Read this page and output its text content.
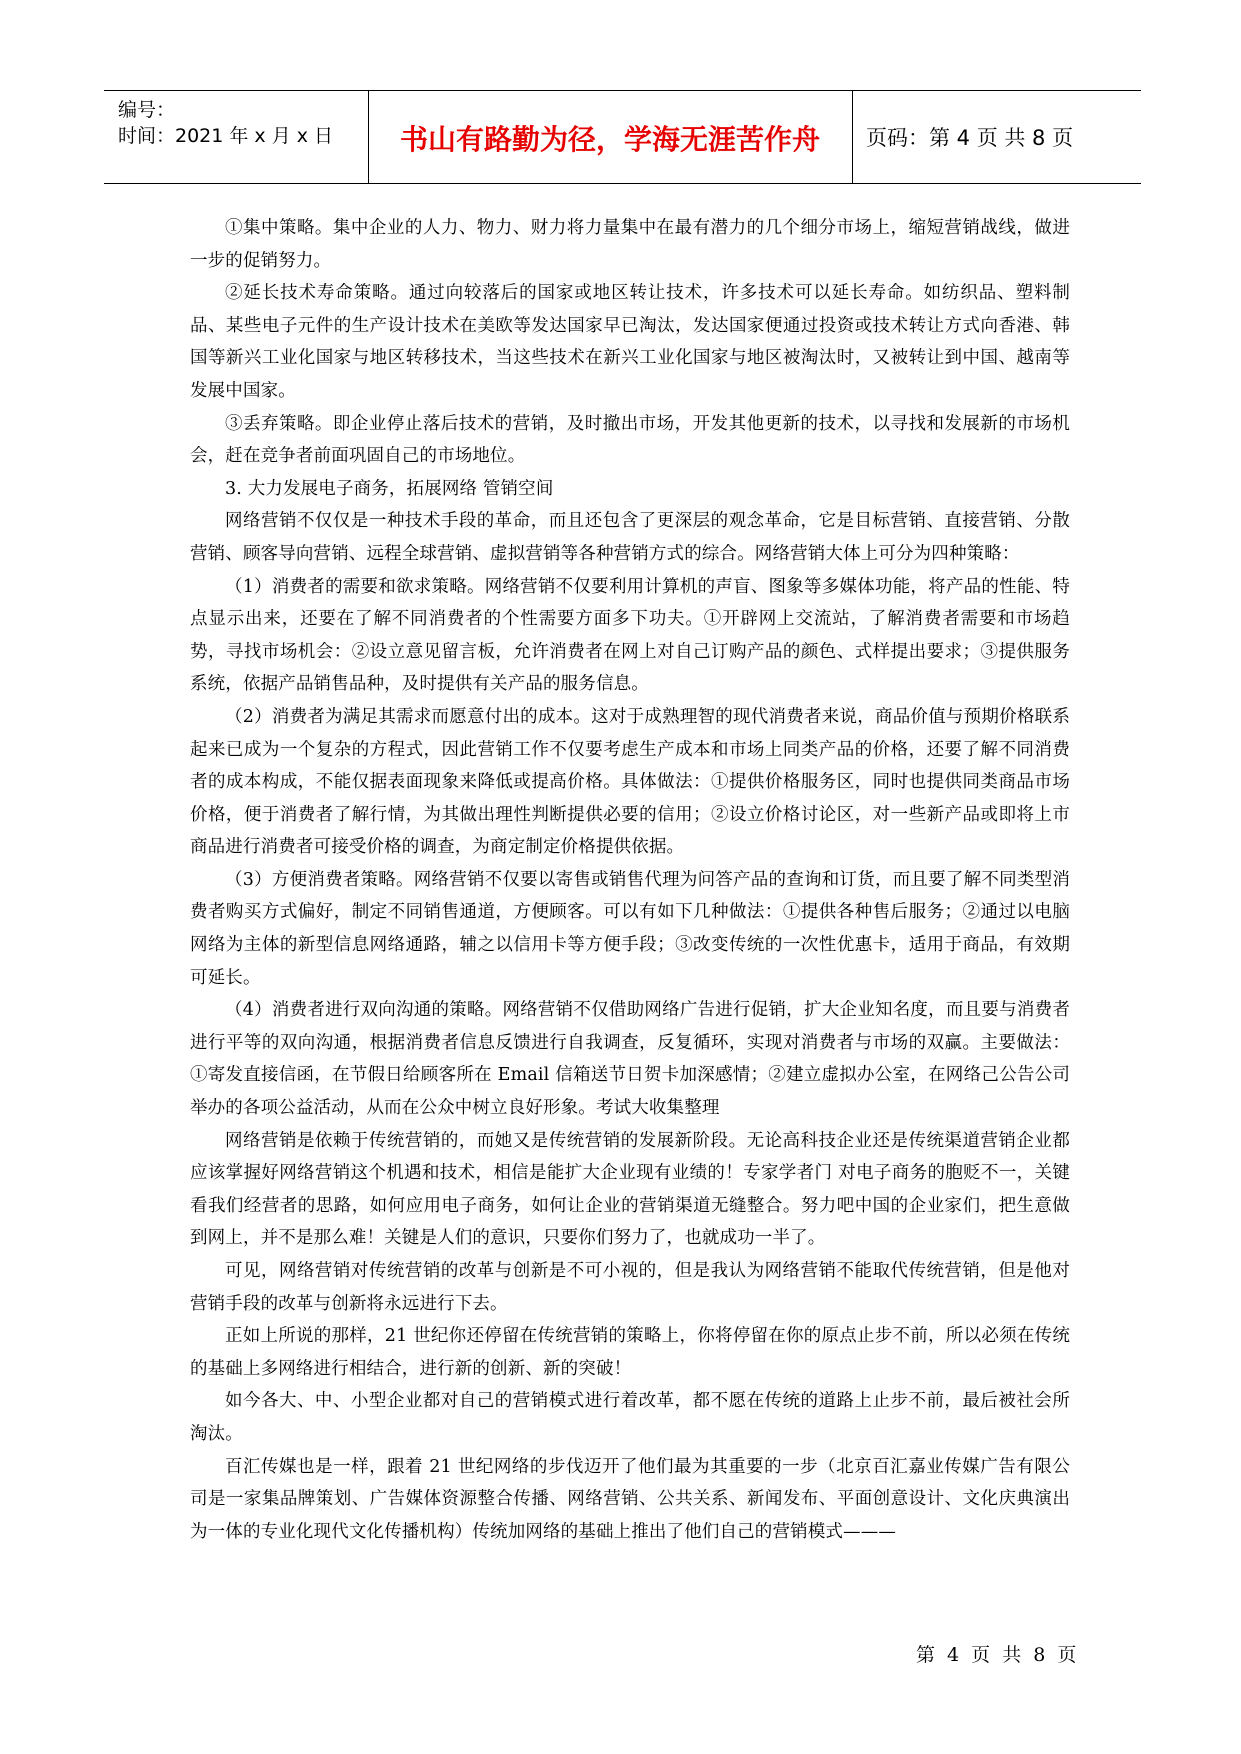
编号：
时间：2021 年 x 月 x 日	书山有路勤为径，学海无涯苦作舟	页码：第 4 页 共 8 页

①集中策略。集中企业的人力、物力、财力将力量集中在最有潜力的几个细分市场上，缩短营销战线，做进一步的促销努力。

②延长技术寿命策略。通过向较落后的国家或地区转让技术，许多技术可以延长寿命。如纺织品、塑料制品、某些电子元件的生产设计技术在美欧等发达国家早已淘汰，发达国家便通过投资或技术转让方式向香港、韩国等新兴工业化国家与地区转移技术，当这些技术在新兴工业化国家与地区被淘汰时，又被转让到中国、越南等发展中国家。

③丢弃策略。即企业停止落后技术的营销，及时撤出市场，开发其他更新的技术，以寻找和发展新的市场机会，赶在竞争者前面巩固自己的市场地位。

3. 大力发展电子商务，拓展网络 管销空间

网络营销不仅仅是一种技术手段的革命，而且还包含了更深层的观念革命，它是目标营销、直接营销、分散营销、顾客导向营销、远程全球营销、虚拟营销等各种营销方式的综合。网络营销大体上可分为四种策略：

（1）消费者的需要和欲求策略。网络营销不仅要利用计算机的声盲、图象等多媒体功能，将产品的性能、特点显示出来，还要在了解不同消费者的个性需要方面多下功夫。①开辟网上交流站，了解消费者需要和市场趋势，寻找市场机会：②设立意见留言板，允许消费者在网上对自己订购产品的颜色、式样提出要求；③提供服务系统，依据产品销售品种，及时提供有关产品的服务信息。

（2）消费者为满足其需求而愿意付出的成本。这对于成熟理智的现代消费者来说，商品价值与预期价格联系起来已成为一个复杂的方程式，因此营销工作不仅要考虑生产成本和市场上同类产品的价格，还要了解不同消费者的成本构成，不能仅据表面现象来降低或提高价格。具体做法：①提供价格服务区，同时也提供同类商品市场价格，便于消费者了解行情，为其做出理性判断提供必要的信用；②设立价格讨论区，对一些新产品或即将上市商品进行消费者可接受价格的调查，为商定制定价格提供依据。

（3）方便消费者策略。网络营销不仅要以寄售或销售代理为问答产品的查询和订货，而且要了解不同类型消费者购买方式偏好，制定不同销售通道，方便顾客。可以有如下几种做法：①提供各种售后服务；②通过以电脑网络为主体的新型信息网络通路，辅之以信用卡等方便手段；③改变传统的一次性优惠卡，适用于商品，有效期可延长。

（4）消费者进行双向沟通的策略。网络营销不仅借助网络广告进行促销，扩大企业知名度，而且要与消费者进行平等的双向沟通，根据消费者信息反馈进行自我调查，反复循环，实现对消费者与市场的双赢。主要做法：①寄发直接信函，在节假日给顾客所在 Email 信箱送节日贺卡加深感情；②建立虚拟办公室，在网络己公告公司举办的各项公益活动，从而在公众中树立良好形象。考试大收集整理

网络营销是依赖于传统营销的，而她又是传统营销的发展新阶段。无论高科技企业还是传统渠道营销企业都应该掌握好网络营销这个机遇和技术，相信是能扩大企业现有业绩的！专家学者门 对电子商务的胞贬不一，关键看我们经营者的思路，如何应用电子商务，如何让企业的营销渠道无缝整合。努力吧中国的企业家们，把生意做到网上，并不是那么难！关键是人们的意识，只要你们努力了，也就成功一半了。

可见，网络营销对传统营销的改革与创新是不可小视的，但是我认为网络营销不能取代传统营销，但是他对营销手段的改革与创新将永远进行下去。

正如上所说的那样，21 世纪你还停留在传统营销的策略上，你将停留在你的原点止步不前，所以必须在传统的基础上多网络进行相结合，进行新的创新、新的突破！

如今各大、中、小型企业都对自己的营销模式进行着改革，都不愿在传统的道路上止步不前，最后被社会所淘汰。

百汇传媒也是一样，跟着 21 世纪网络的步伐迈开了他们最为其重要的一步（北京百汇嘉业传媒广告有限公司是一家集品牌策划、广告媒体资源整合传播、网络营销、公共关系、新闻发布、平面创意设计、文化庆典演出为一体的专业化现代文化传播机构）传统加网络的基础上推出了他们自己的营销模式———

第 4 页 共 8 页
